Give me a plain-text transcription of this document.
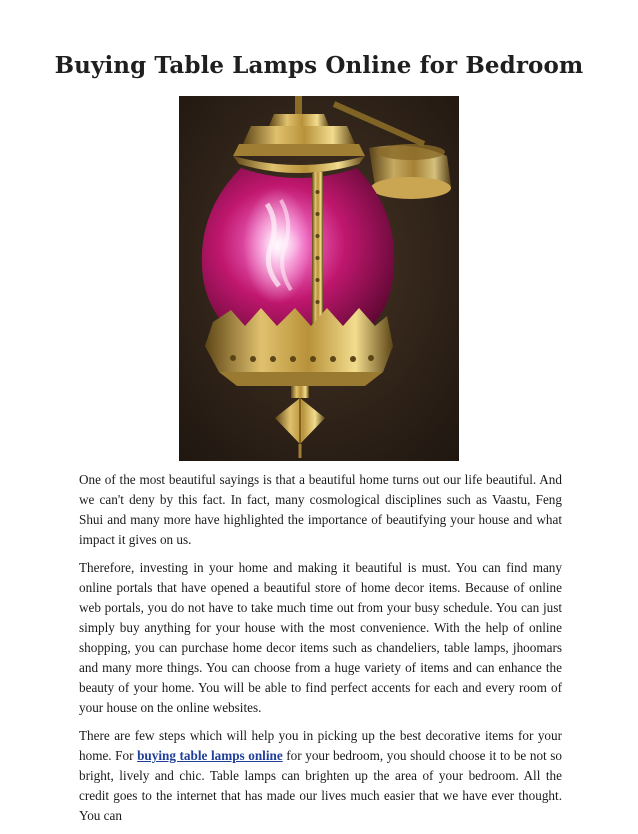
Buying Table Lamps Online for Bedroom

One of the most beautiful sayings is that a beautiful home turns out our life beautiful. And we can't deny by this fact. In fact, many cosmological disciplines such as Vaastu, Feng Shui and many more have highlighted the importance of beautifying your house and what impact it gives on us.

Therefore, investing in your home and making it beautiful is must. You can find many online portals that have opened a beautiful store of home decor items. Because of online web portals, you do not have to take much time out from your busy schedule. You can just simply buy anything for your house with the most convenience. With the help of online shopping, you can purchase home decor items such as chandeliers, table lamps, jhoomars and many more things. You can choose from a huge variety of items and can enhance the beauty of your home. You will be able to find perfect accents for each and every room of your house on the online websites.

There are few steps which will help you in picking up the best decorative items for your home. For buying table lamps online for your bedroom, you should choose it to be not so bright, lively and chic. Table lamps can brighten up the area of your bedroom. All the credit goes to the internet that has made our lives much easier that we have ever thought. You can
